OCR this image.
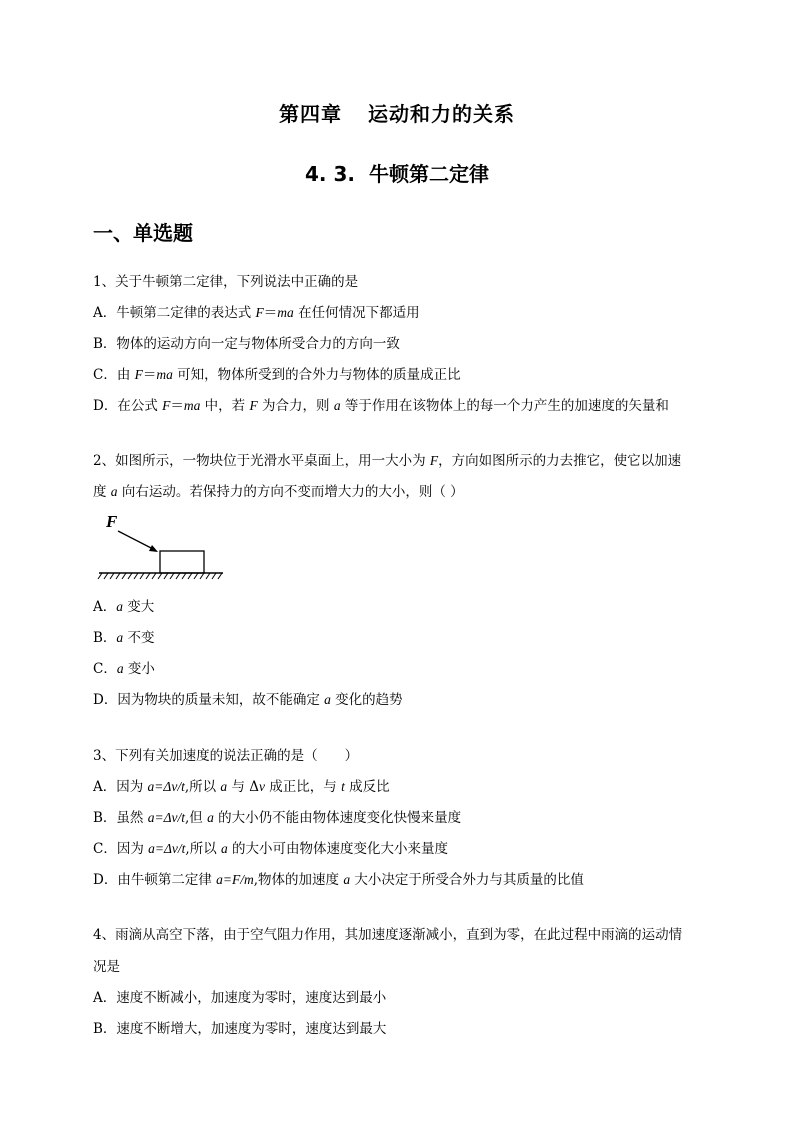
第四章 运动和力的关系
4. 3. 牛顿第二定律
一、单选题
1、关于牛顿第二定律，下列说法中正确的是
A．牛顿第二定律的表达式 F＝ma 在任何情况下都适用
B．物体的运动方向一定与物体所受合力的方向一致
C．由 F＝ma 可知，物体所受到的合外力与物体的质量成正比
D．在公式 F＝ma 中，若 F 为合力，则 a 等于作用在该物体上的每一个力产生的加速度的矢量和
2、如图所示，一物块位于光滑水平桌面上，用一大小为 F，方向如图所示的力去推它，使它以加速
度 a 向右运动。若保持力的方向不变而增大力的大小，则（ ）
F
A．a 变大
B．a 不变
C．a 变小
D．因为物块的质量未知，故不能确定 a 变化的趋势
3、下列有关加速度的说法正确的是（　　）
A．因为 a=Δv/t,所以 a 与 Δv 成正比，与 t 成反比
B．虽然 a=Δv/t,但 a 的大小仍不能由物体速度变化快慢来量度
C．因为 a=Δv/t,所以 a 的大小可由物体速度变化大小来量度
D．由牛顿第二定律 a=F/m,物体的加速度 a 大小决定于所受合外力与其质量的比值
4、雨滴从高空下落，由于空气阻力作用，其加速度逐渐减小，直到为零，在此过程中雨滴的运动情
况是
A．速度不断减小，加速度为零时，速度达到最小
B．速度不断增大，加速度为零时，速度达到最大
